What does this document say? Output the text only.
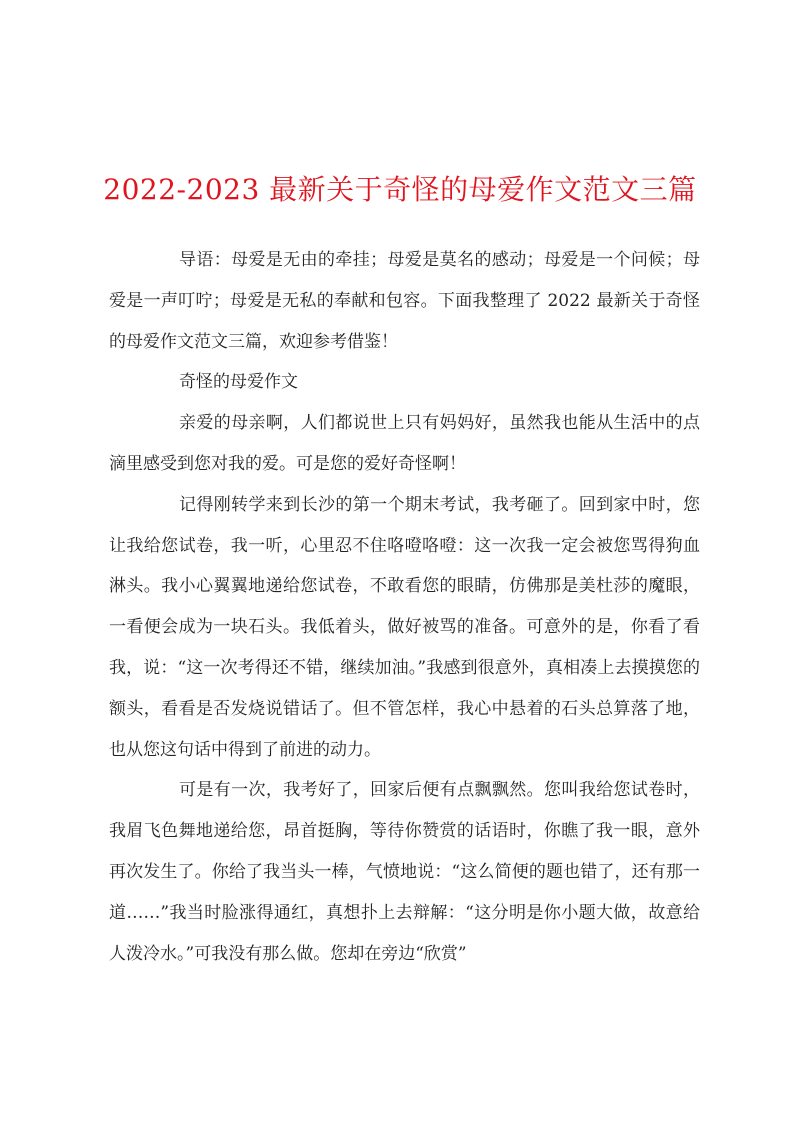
2022-2023 最新关于奇怪的母爱作文范文三篇

导语：母爱是无由的牵挂；母爱是莫名的感动；母爱是一个问候；母爱是一声叮咛；母爱是无私的奉献和包容。下面我整理了 2022 最新关于奇怪的母爱作文范文三篇，欢迎参考借鉴！

奇怪的母爱作文

亲爱的母亲啊，人们都说世上只有妈妈好，虽然我也能从生活中的点滴里感受到您对我的爱。可是您的爱好奇怪啊！

记得刚转学来到长沙的第一个期末考试，我考砸了。回到家中时，您让我给您试卷，我一听，心里忍不住咯噔咯噔：这一次我一定会被您骂得狗血淋头。我小心翼翼地递给您试卷，不敢看您的眼睛，仿佛那是美杜莎的魔眼，一看便会成为一块石头。我低着头，做好被骂的准备。可意外的是，你看了看我，说：“这一次考得还不错，继续加油。”我感到很意外，真相凑上去摸摸您的额头，看看是否发烧说错话了。但不管怎样，我心中悬着的石头总算落了地，也从您这句话中得到了前进的动力。

可是有一次，我考好了，回家后便有点飘飘然。您叫我给您试卷时，我眉飞色舞地递给您，昂首挺胸，等待你赞赏的话语时，你瞧了我一眼，意外再次发生了。你给了我当头一棒，气愤地说：“这么简便的题也错了，还有那一道……”我当时脸涨得通红，真想扑上去辩解：“这分明是你小题大做，故意给人泼冷水。”可我没有那么做。您却在旁边“欣赏”
